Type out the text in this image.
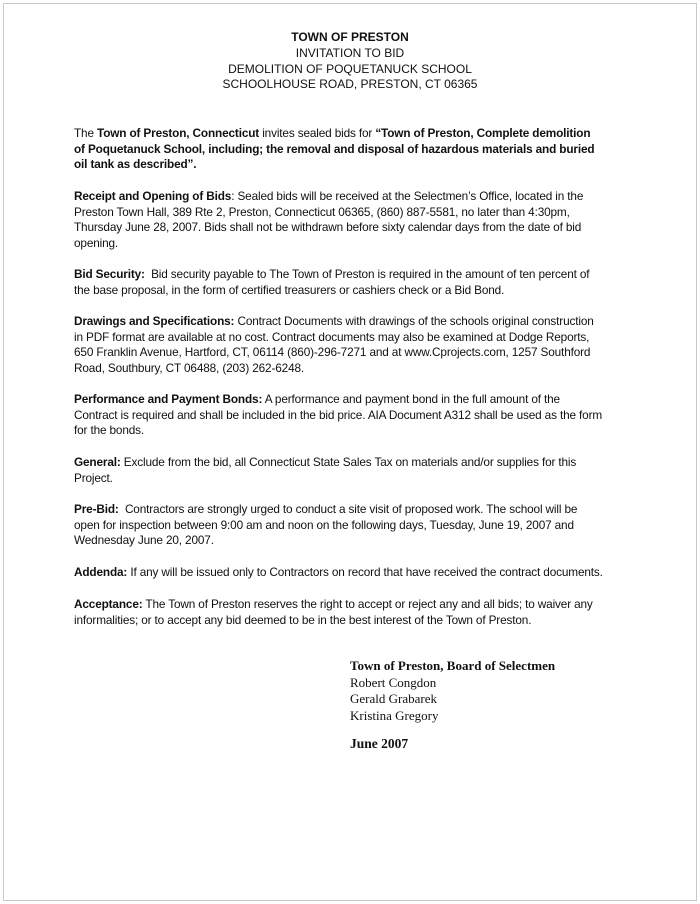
TOWN OF PRESTON
INVITATION TO BID
DEMOLITION OF POQUETANUCK SCHOOL
SCHOOLHOUSE ROAD, PRESTON, CT 06365
The Town of Preston, Connecticut invites sealed bids for “Town of Preston, Complete demolition of Poquetanuck School, including; the removal and disposal of hazardous materials and buried oil tank as described”.
Receipt and Opening of Bids: Sealed bids will be received at the Selectmen’s Office, located in the Preston Town Hall, 389 Rte 2, Preston, Connecticut 06365, (860) 887-5581, no later than 4:30pm, Thursday June 28, 2007. Bids shall not be withdrawn before sixty calendar days from the date of bid opening.
Bid Security:  Bid security payable to The Town of Preston is required in the amount of ten percent of the base proposal, in the form of certified treasurers or cashiers check or a Bid Bond.
Drawings and Specifications: Contract Documents with drawings of the schools original construction in PDF format are available at no cost. Contract documents may also be examined at Dodge Reports, 650 Franklin Avenue, Hartford, CT, 06114 (860)-296-7271 and at www.Cprojects.com, 1257 Southford Road, Southbury, CT 06488, (203) 262-6248.
Performance and Payment Bonds: A performance and payment bond in the full amount of the Contract is required and shall be included in the bid price. AIA Document A312 shall be used as the form for the bonds.
General: Exclude from the bid, all Connecticut State Sales Tax on materials and/or supplies for this Project.
Pre-Bid:  Contractors are strongly urged to conduct a site visit of proposed work. The school will be open for inspection between 9:00 am and noon on the following days, Tuesday, June 19, 2007 and Wednesday June 20, 2007.
Addenda: If any will be issued only to Contractors on record that have received the contract documents.
Acceptance: The Town of Preston reserves the right to accept or reject any and all bids; to waiver any informalities; or to accept any bid deemed to be in the best interest of the Town of Preston.
Town of Preston, Board of Selectmen
Robert Congdon
Gerald Grabarek
Kristina Gregory
June 2007
